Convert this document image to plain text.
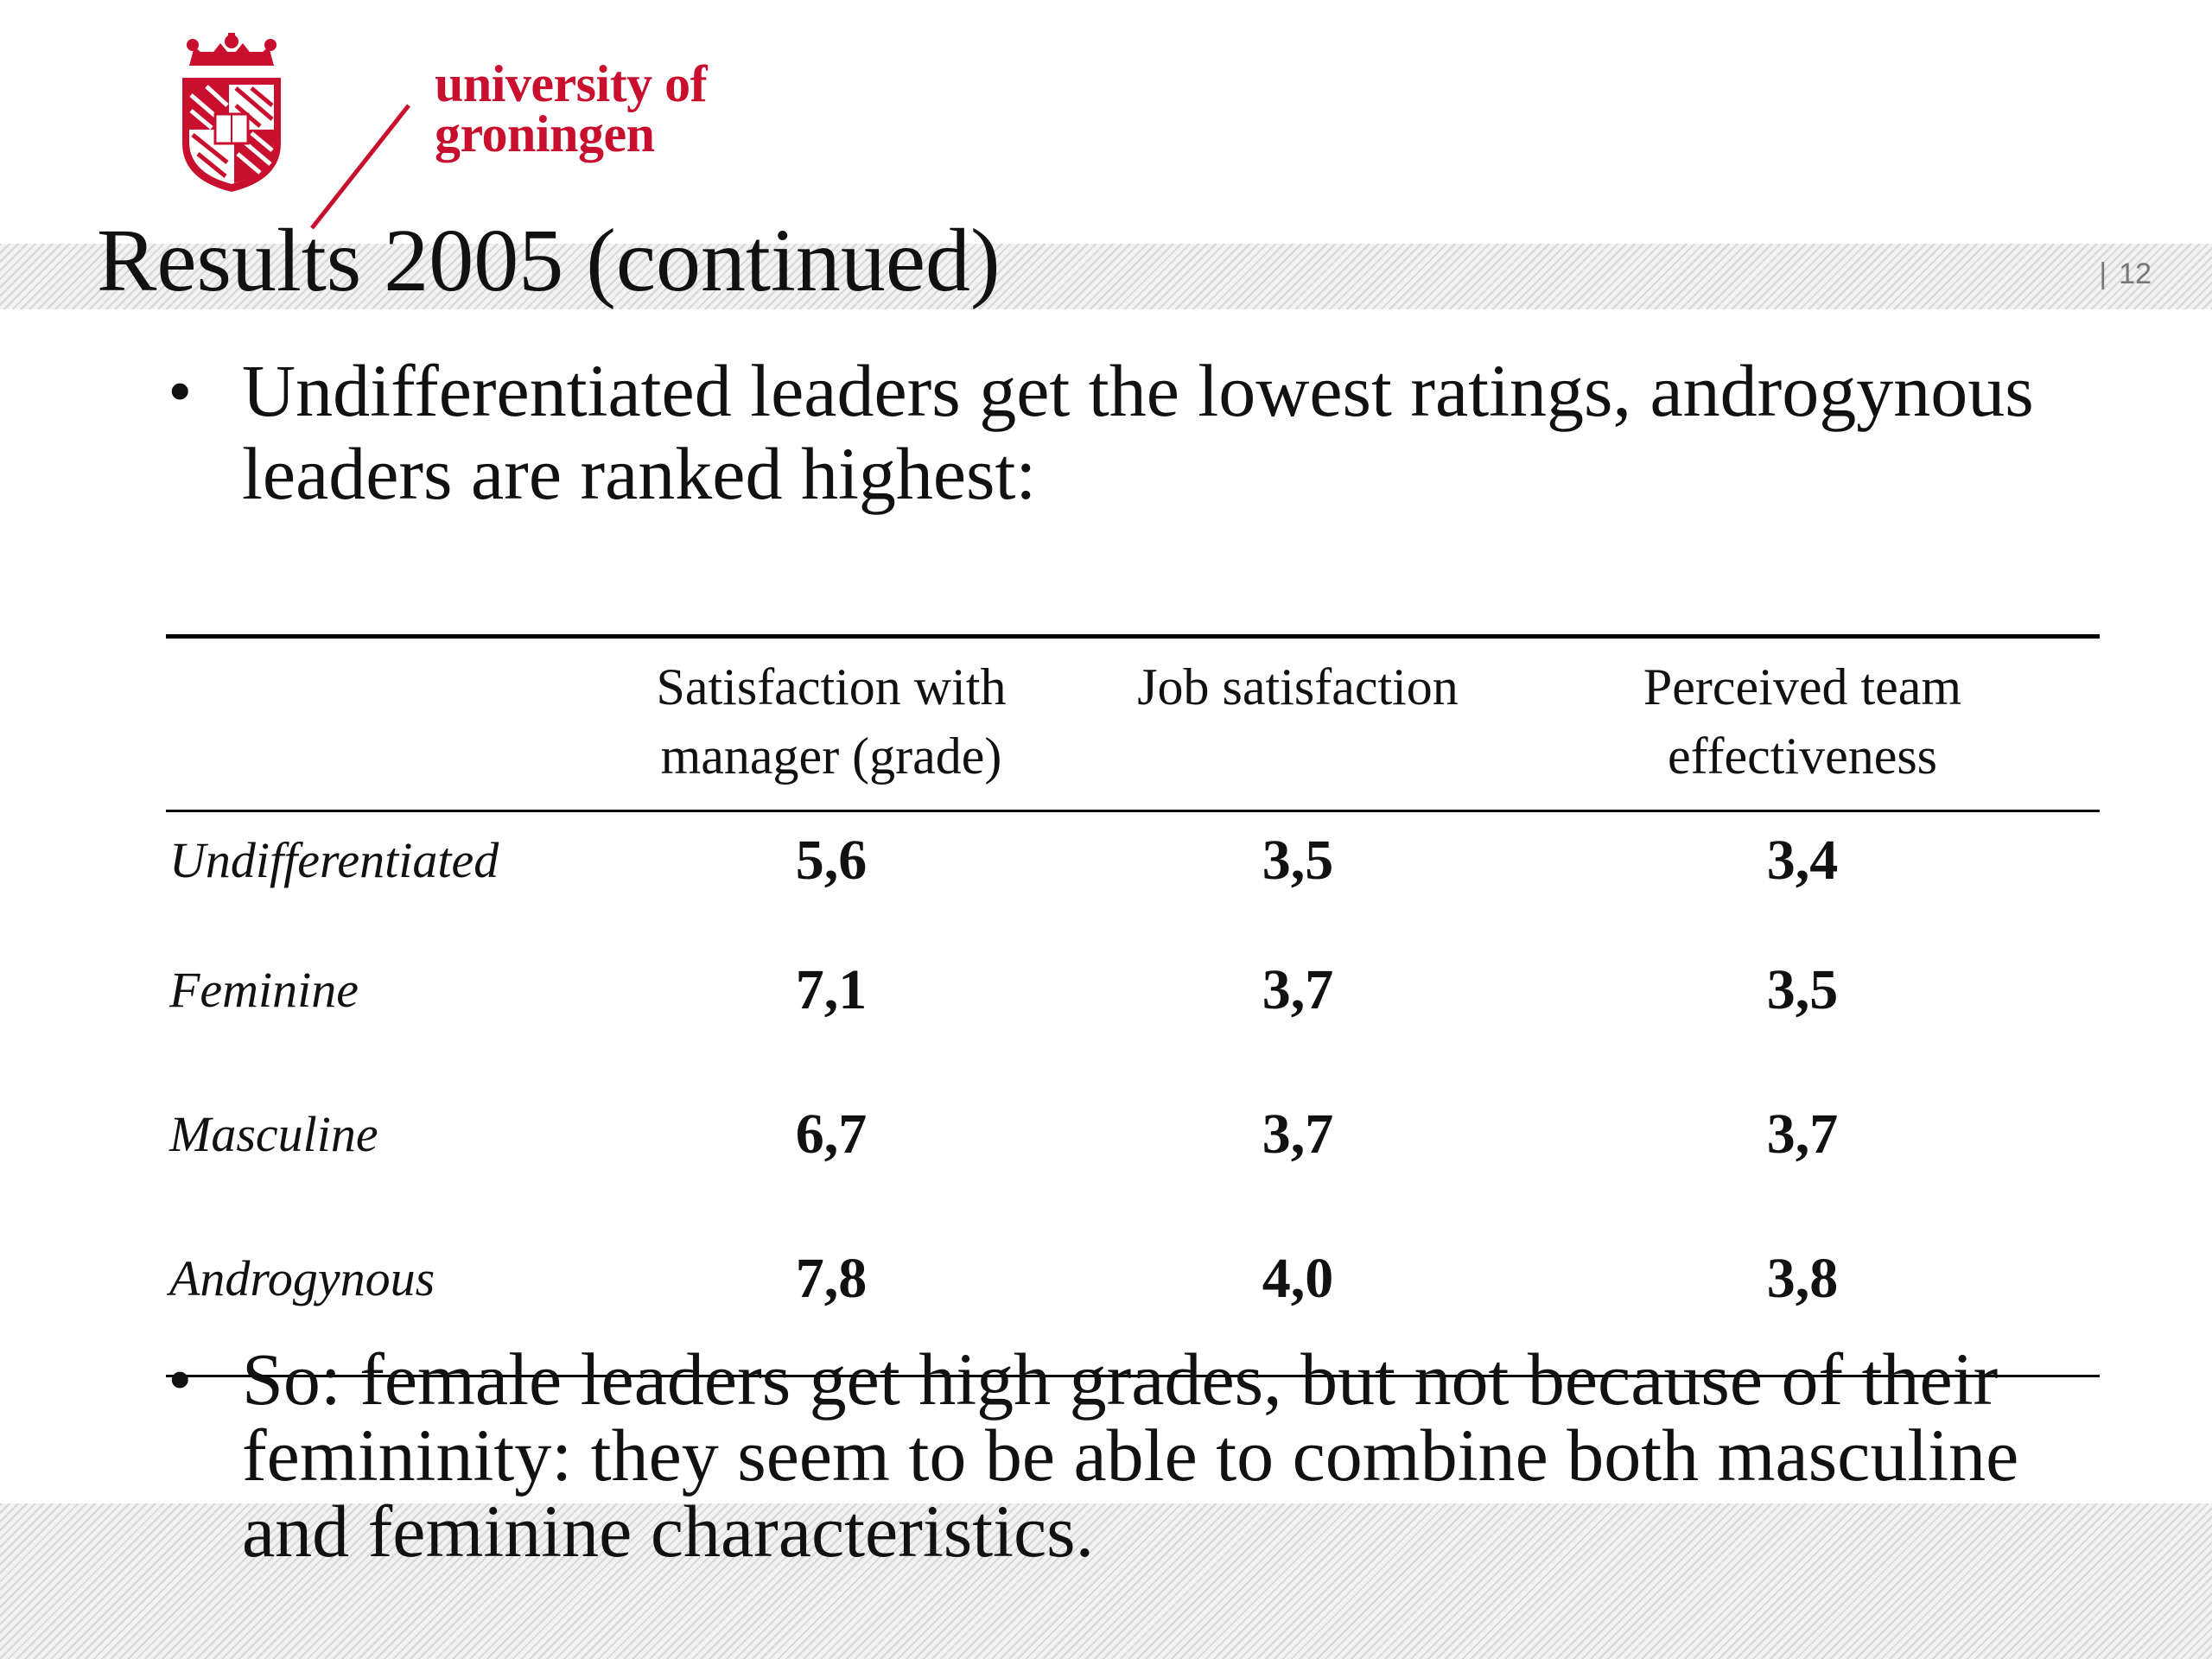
university of
groningen
Results 2005 (continued)	| 12
• Undifferentiated leaders get the lowest ratings, androgynous leaders are ranked highest:
	Satisfaction with manager (grade)	Job satisfaction	Perceived team effectiveness
Undifferentiated	5,6	3,5	3,4
Feminine	7,1	3,7	3,5
Masculine	6,7	3,7	3,7
Androgynous	7,8	4,0	3,8
• So: female leaders get high grades, but not because of their femininity: they seem to be able to combine both masculine and feminine characteristics.
